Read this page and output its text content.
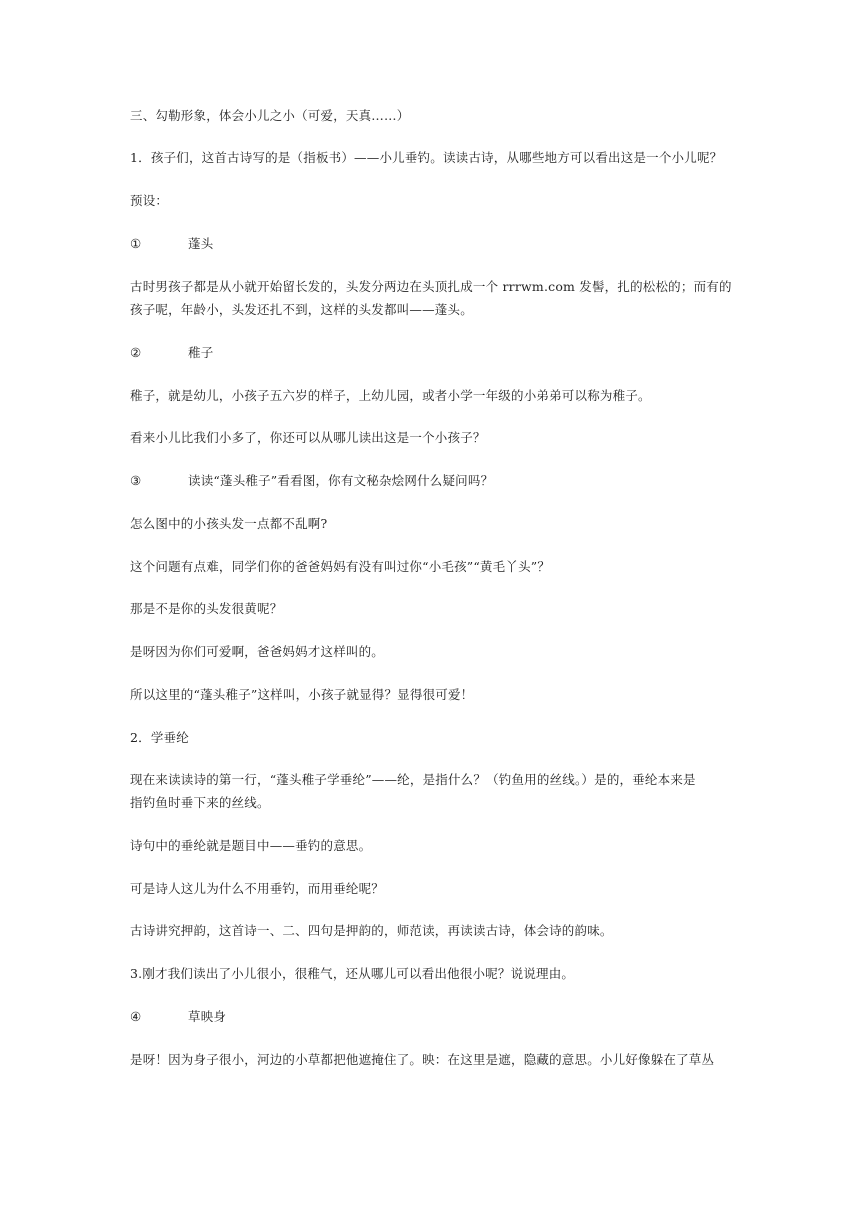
三、勾勒形象，体会小儿之小（可爱，天真……）
1．孩子们，这首古诗写的是（指板书）——小儿垂钓。读读古诗，从哪些地方可以看出这是一个小儿呢？
预设：
①	蓬头
古时男孩子都是从小就开始留长发的，头发分两边在头顶扎成一个 rrrwm.com 发髻，扎的松松的；而有的
孩子呢，年龄小，头发还扎不到，这样的头发都叫——蓬头。
②	稚子
稚子，就是幼儿，小孩子五六岁的样子，上幼儿园，或者小学一年级的小弟弟可以称为稚子。
看来小儿比我们小多了，你还可以从哪儿读出这是一个小孩子？
③	读读“蓬头稚子”看看图，你有文秘杂烩网什么疑问吗？
怎么图中的小孩头发一点都不乱啊?
这个问题有点难，同学们你的爸爸妈妈有没有叫过你“小毛孩”“黄毛丫头”？
那是不是你的头发很黄呢？
是呀因为你们可爱啊，爸爸妈妈才这样叫的。
所以这里的“蓬头稚子”这样叫，小孩子就显得？显得很可爱！
2．学垂纶
现在来读读诗的第一行，“蓬头稚子学垂纶”——纶，是指什么？（钓鱼用的丝线。）是的，垂纶本来是
指钓鱼时垂下来的丝线。
诗句中的垂纶就是题目中——垂钓的意思。
可是诗人这儿为什么不用垂钓，而用垂纶呢？
古诗讲究押韵，这首诗一、二、四句是押韵的，师范读，再读读古诗，体会诗的韵味。
3.刚才我们读出了小儿很小，很稚气，还从哪儿可以看出他很小呢？说说理由。
④	草映身
是呀！因为身子很小，河边的小草都把他遮掩住了。映：在这里是遮，隐藏的意思。小儿好像躲在了草丛
